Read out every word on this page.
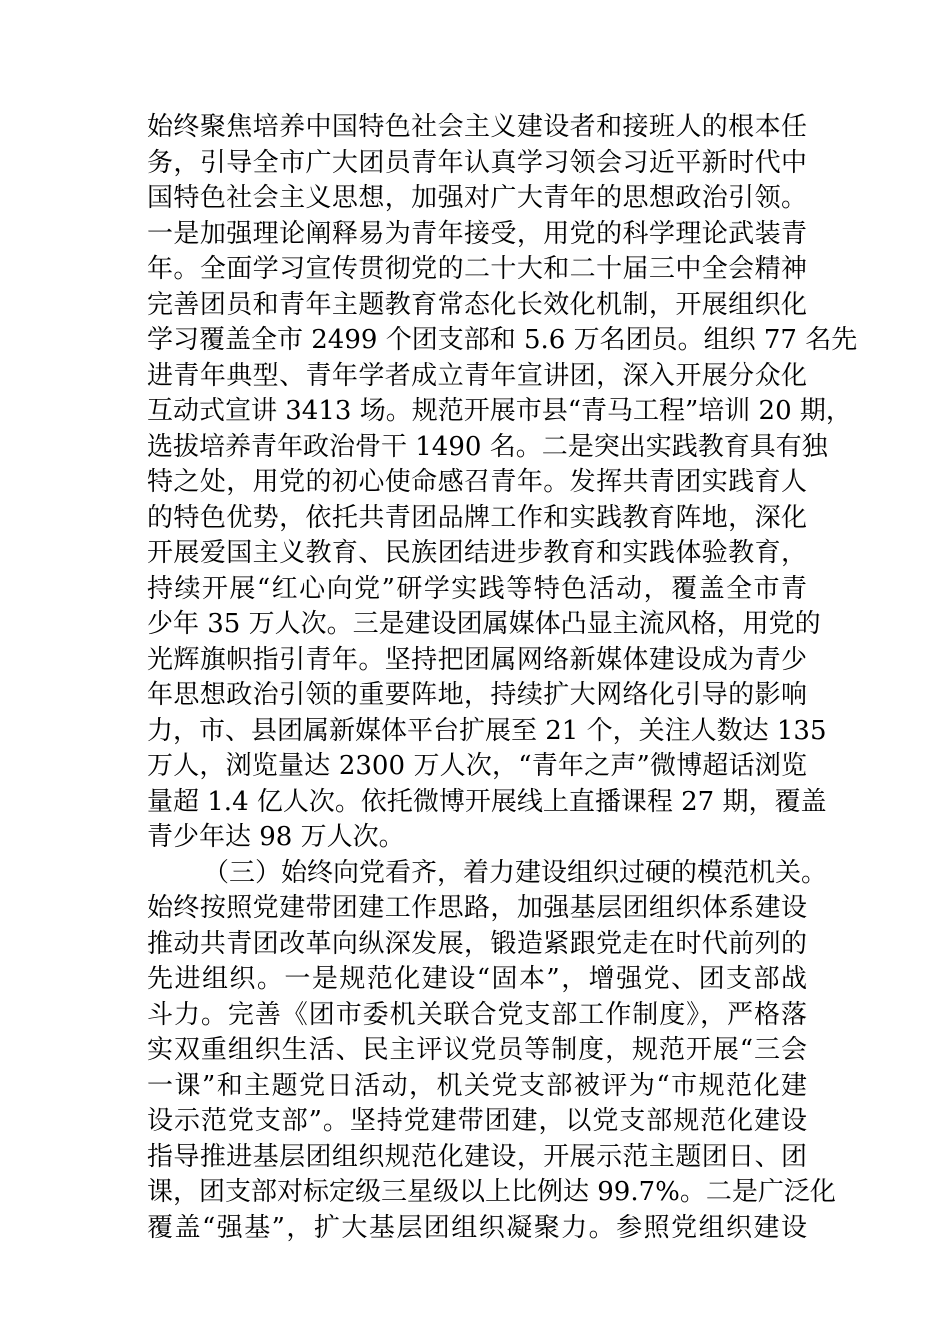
始终聚焦培养中国特色社会主义建设者和接班人的根本任
务，引导全市广大团员青年认真学习领会习近平新时代中
国特色社会主义思想，加强对广大青年的思想政治引领。
一是加强理论阐释易为青年接受，用党的科学理论武装青
年。全面学习宣传贯彻党的二十大和二十届三中全会精神
完善团员和青年主题教育常态化长效化机制，开展组织化
学习覆盖全市 2499 个团支部和 5.6 万名团员。组织 77 名先
进青年典型、青年学者成立青年宣讲团，深入开展分众化
互动式宣讲 3413 场。规范开展市县“青马工程”培训 20 期，
选拔培养青年政治骨干 1490 名。二是突出实践教育具有独
特之处，用党的初心使命感召青年。发挥共青团实践育人
的特色优势，依托共青团品牌工作和实践教育阵地，深化
开展爱国主义教育、民族团结进步教育和实践体验教育，
持续开展“红心向党”研学实践等特色活动，覆盖全市青
少年 35 万人次。三是建设团属媒体凸显主流风格，用党的
光辉旗帜指引青年。坚持把团属网络新媒体建设成为青少
年思想政治引领的重要阵地，持续扩大网络化引导的影响
力，市、县团属新媒体平台扩展至 21 个，关注人数达 135
万人，浏览量达 2300 万人次，“青年之声”微博超话浏览
量超 1.4 亿人次。依托微博开展线上直播课程 27 期，覆盖
青少年达 98 万人次。
（三）始终向党看齐，着力建设组织过硬的模范机关。
始终按照党建带团建工作思路，加强基层团组织体系建设
推动共青团改革向纵深发展，锻造紧跟党走在时代前列的
先进组织。一是规范化建设“固本”，增强党、团支部战
斗力。完善《团市委机关联合党支部工作制度》，严格落
实双重组织生活、民主评议党员等制度，规范开展“三会
一课”和主题党日活动，机关党支部被评为“市规范化建
设示范党支部”。坚持党建带团建，以党支部规范化建设
指导推进基层团组织规范化建设，开展示范主题团日、团
课，团支部对标定级三星级以上比例达 99.7%。二是广泛化
覆盖“强基”，扩大基层团组织凝聚力。参照党组织建设
